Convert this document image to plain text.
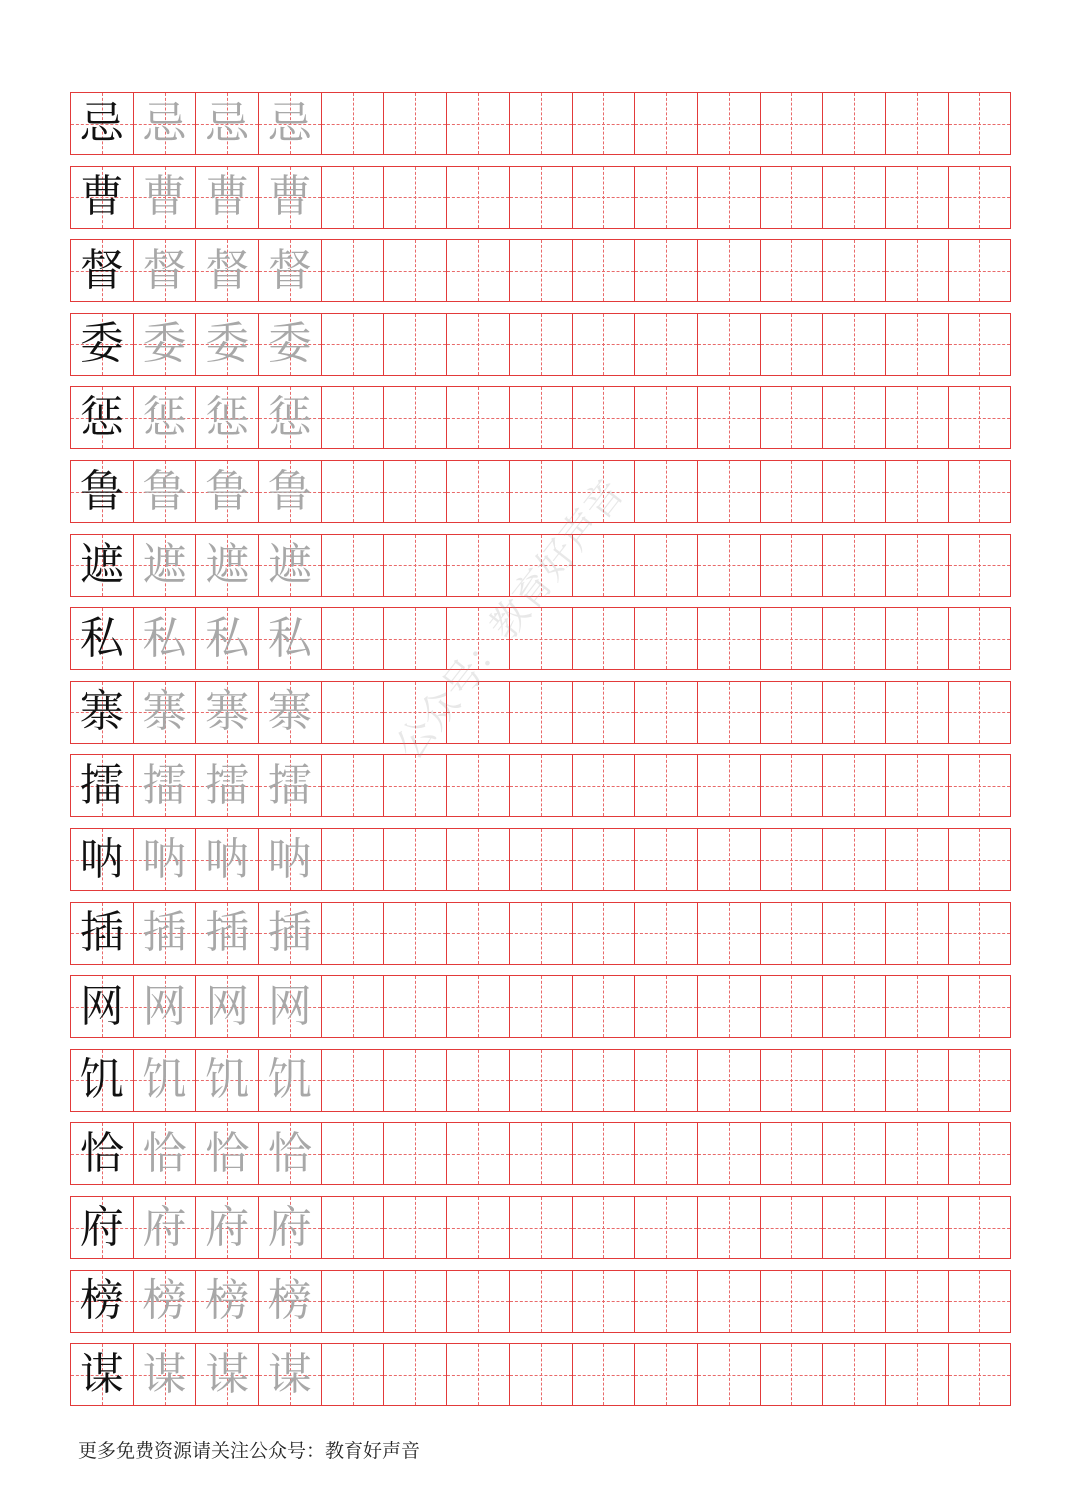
忌 忌 忌 忌
曹 曹 曹 曹
督 督 督 督
委 委 委 委
惩 惩 惩 惩
鲁 鲁 鲁 鲁
遮 遮 遮 遮
私 私 私 私
寨 寨 寨 寨
擂 擂 擂 擂
呐 呐 呐 呐
插 插 插 插
网 网 网 网
饥 饥 饥 饥
恰 恰 恰 恰
府 府 府 府
榜 榜 榜 榜
谋 谋 谋 谋
公众号：教育好声音
更多免费资源请关注公众号：教育好声音
